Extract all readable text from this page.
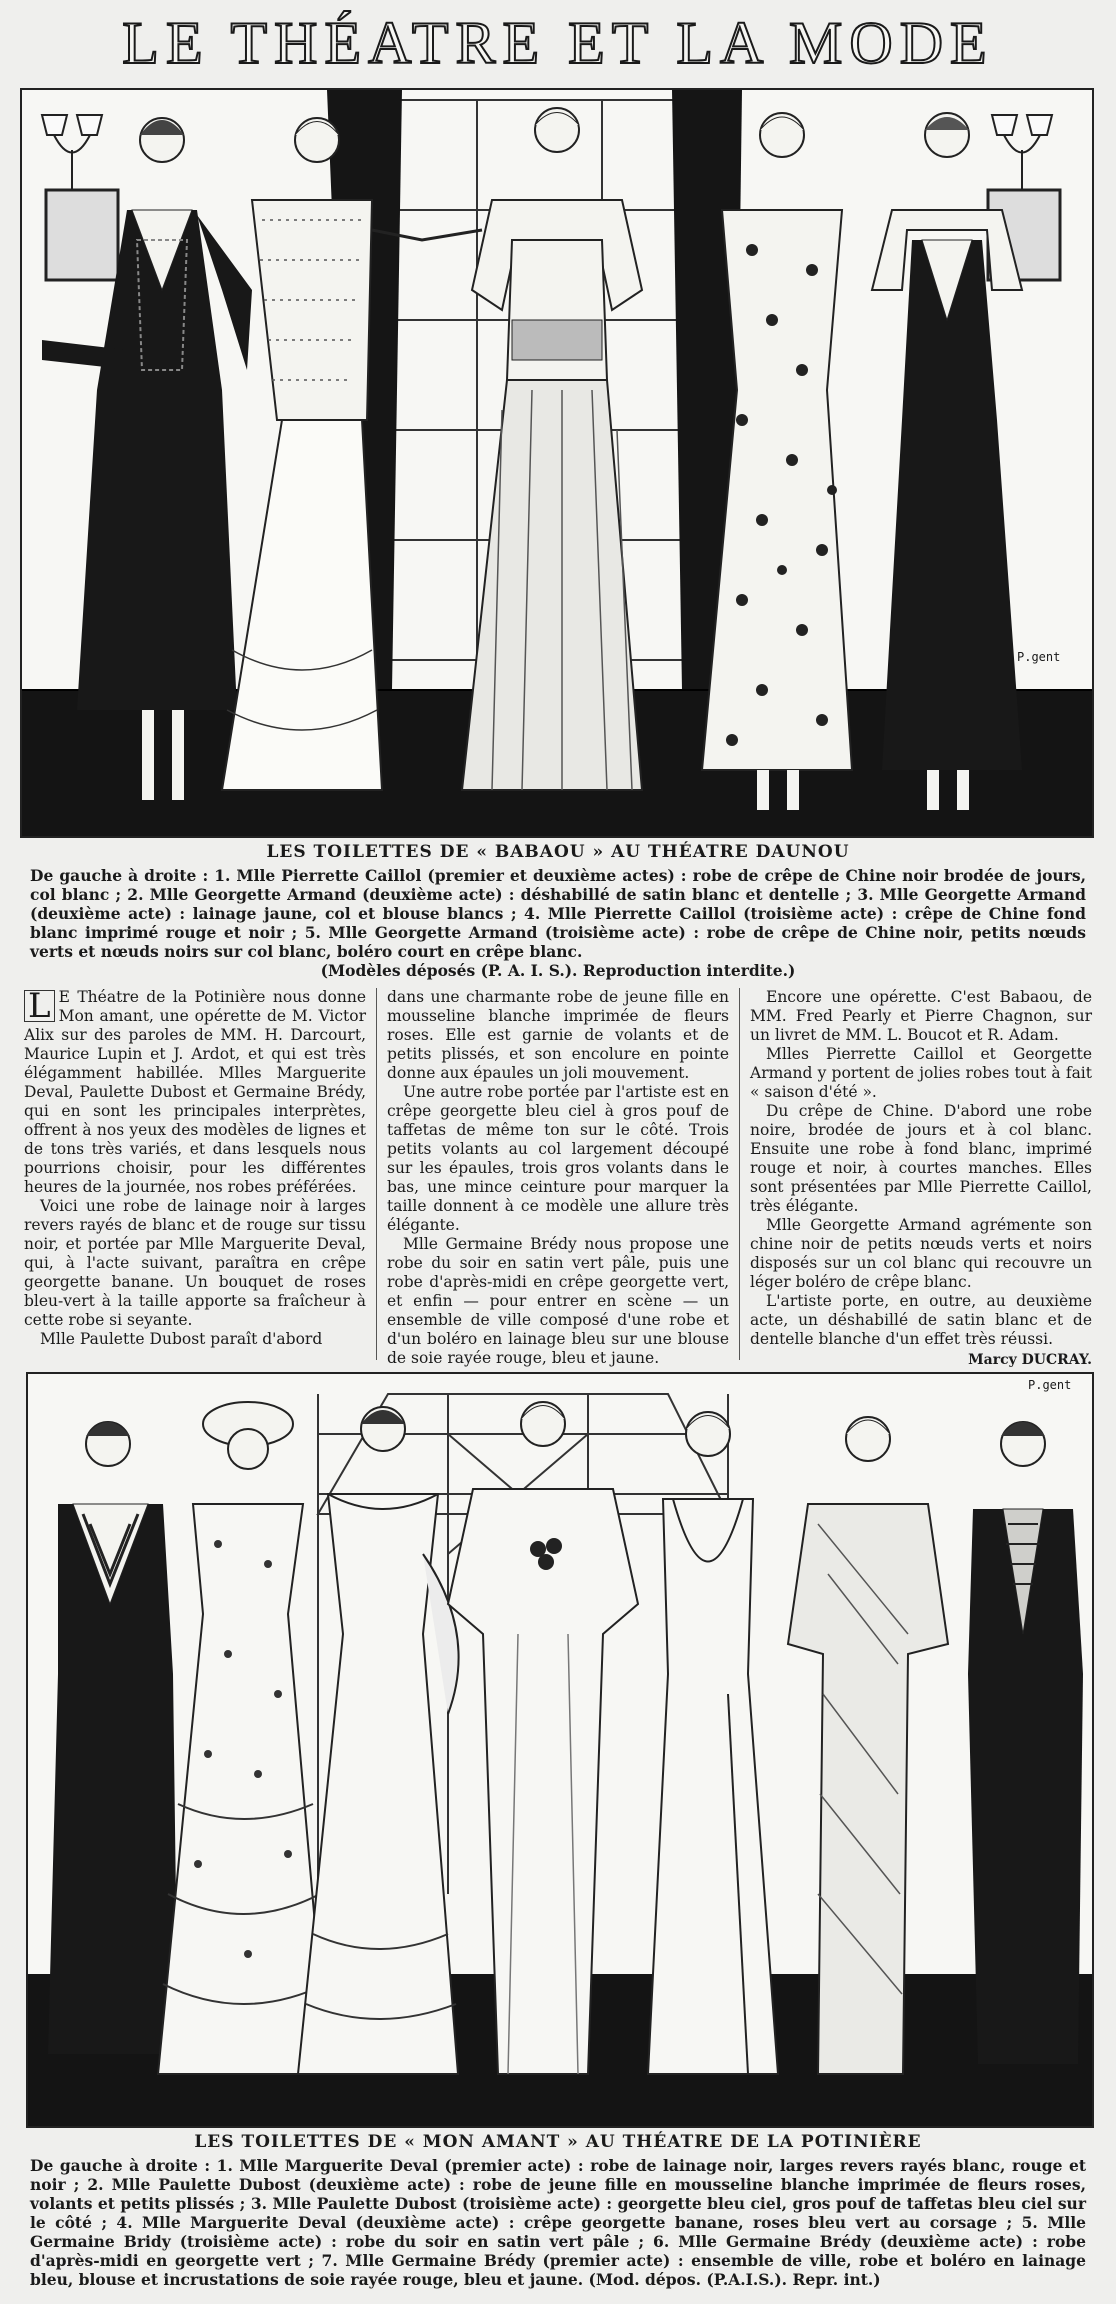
LE THÉATRE ET LA MODE
P.gent
LES TOILETTES DE « BABAOU » AU THÉATRE DAUNOU

De gauche à droite : 1. Mlle Pierrette Caillol (premier et deuxième actes) : robe de crêpe de Chine noir brodée de jours, col blanc ; 2. Mlle Georgette Armand (deuxième acte) : déshabillé de satin blanc et dentelle ; 3. Mlle Georgette Armand (deuxième acte) : lainage jaune, col et blouse blancs ; 4. Mlle Pierrette Caillol (troisième acte) : crêpe de Chine fond blanc imprimé rouge et noir ; 5. Mlle Georgette Armand (troisième acte) : robe de crêpe de Chine noir, petits nœuds verts et nœuds noirs sur col blanc, boléro court en crêpe blanc.

(Modèles déposés (P. A. I. S.). Reproduction interdite.)

L E Théatre de la Potinière nous donne Mon amant, une opérette de M. Victor Alix sur des paroles de MM. H. Darcourt, Maurice Lupin et J. Ardot, et qui est très élégamment habillée. Mlles Marguerite Deval, Paulette Dubost et Germaine Brédy, qui en sont les principales interprètes, offrent à nos yeux des modèles de lignes et de tons très variés, et dans lesquels nous pourrions choisir, pour les différentes heures de la journée, nos robes préférées.

Voici une robe de lainage noir à larges revers rayés de blanc et de rouge sur tissu noir, et portée par Mlle Marguerite Deval, qui, à l'acte suivant, paraîtra en crêpe georgette banane. Un bouquet de roses bleu-vert à la taille apporte sa fraîcheur à cette robe si seyante.

Mlle Paulette Dubost paraît d'abord

dans une charmante robe de jeune fille en mousseline blanche imprimée de fleurs roses. Elle est garnie de volants et de petits plissés, et son encolure en pointe donne aux épaules un joli mouvement.

Une autre robe portée par l'artiste est en crêpe georgette bleu ciel à gros pouf de taffetas de même ton sur le côté. Trois petits volants au col largement découpé sur les épaules, trois gros volants dans le bas, une mince ceinture pour marquer la taille donnent à ce modèle une allure très élégante.

Mlle Germaine Brédy nous propose une robe du soir en satin vert pâle, puis une robe d'après-midi en crêpe georgette vert, et enfin — pour entrer en scène — un ensemble de ville composé d'une robe et d'un boléro en lainage bleu sur une blouse de soie rayée rouge, bleu et jaune.

Encore une opérette. C'est Babaou, de MM. Fred Pearly et Pierre Chagnon, sur un livret de MM. L. Boucot et R. Adam.

Mlles Pierrette Caillol et Georgette Armand y portent de jolies robes tout à fait « saison d'été ».

Du crêpe de Chine. D'abord une robe noire, brodée de jours et à col blanc. Ensuite une robe à fond blanc, imprimé rouge et noir, à courtes manches. Elles sont présentées par Mlle Pierrette Caillol, très élégante.

Mlle Georgette Armand agrémente son chine noir de petits nœuds verts et noirs disposés sur un col blanc qui recouvre un léger boléro de crêpe blanc.

L'artiste porte, en outre, au deuxième acte, un déshabillé de satin blanc et de dentelle blanche d'un effet très réussi.

Marcy DUCRAY.
P.gent
LES TOILETTES DE « MON AMANT » AU THÉATRE DE LA POTINIÈRE

De gauche à droite : 1. Mlle Marguerite Deval (premier acte) : robe de lainage noir, larges revers rayés blanc, rouge et noir ; 2. Mlle Paulette Dubost (deuxième acte) : robe de jeune fille en mousseline blanche imprimée de fleurs roses, volants et petits plissés ; 3. Mlle Paulette Dubost (troisième acte) : georgette bleu ciel, gros pouf de taffetas bleu ciel sur le côté ; 4. Mlle Marguerite Deval (deuxième acte) : crêpe georgette banane, roses bleu vert au corsage ; 5. Mlle Germaine Bridy (troisième acte) : robe du soir en satin vert pâle ; 6. Mlle Germaine Brédy (deuxième acte) : robe d'après-midi en georgette vert ; 7. Mlle Germaine Brédy (premier acte) : ensemble de ville, robe et boléro en lainage bleu, blouse et incrustations de soie rayée rouge, bleu et jaune. (Mod. dépos. (P.A.I.S.). Repr. int.)
